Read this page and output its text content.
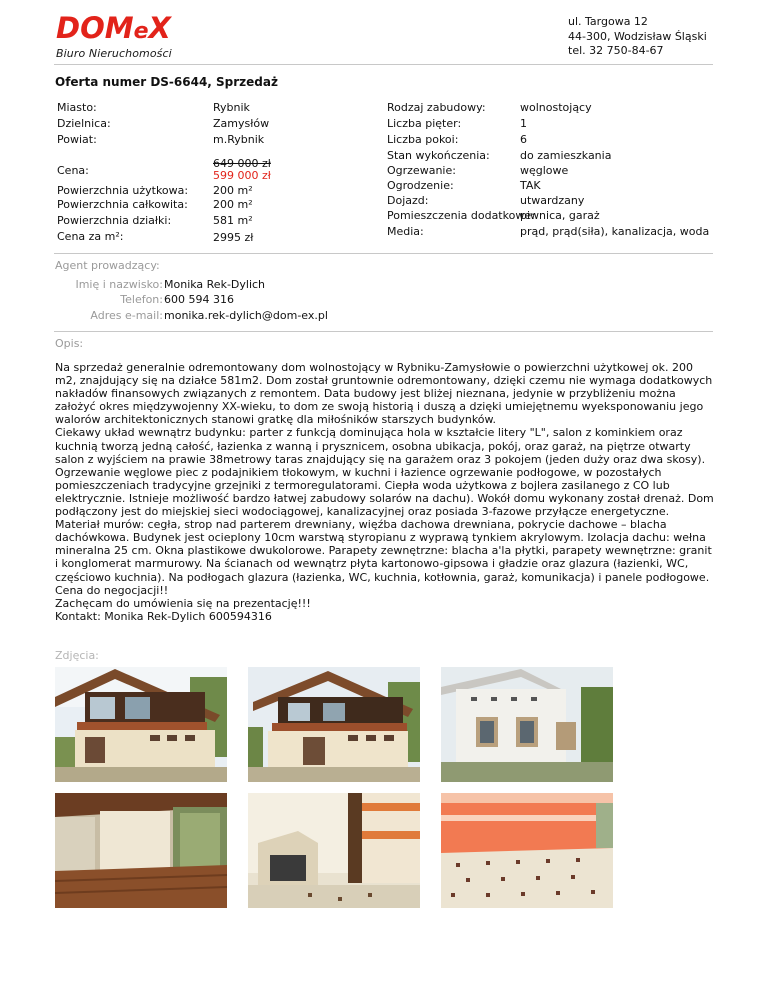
DOMeX
Biuro Nieruchomości
ul. Targowa 12
44-300, Wodzisław Śląski
tel. 32 750-84-67
Oferta numer DS-6644, Sprzedaż
Miasto:	Rybnik
Dzielnica:	Zamysłów
Powiat:	m.Rybnik
Cena:
649 000 zł
599 000 zł
Powierzchnia użytkowa: 200 m²
Powierzchnia całkowita: 200 m²
Powierzchnia działki:	581 m²
Cena za m²:	2995 zł
Rodzaj zabudowy:	wolnostojący
Liczba pięter:	1
Liczba pokoi:	6
Stan wykończenia:	do zamieszkania
Ogrzewanie:	węglowe
Ogrodzenie:	TAK
Dojazd:	utwardzany
Pomieszczenia dodatkowe:
piwnica, garaż
Media:	prąd, prąd(siła), kanalizacja, woda
Agent prowadzący:
Imię i nazwisko: Monika Rek-Dylich
Telefon: 600 594 316
Adres e-mail: monika.rek-dylich@dom-ex.pl
Opis:

Na sprzedaż generalnie odremontowany dom wolnostojący w Rybniku-Zamysłowie o powierzchni użytkowej ok. 200 m2, znajdujący się na działce 581m2. Dom został gruntownie odremontowany, dzięki czemu nie wymaga dodatkowych nakładów finansowych związanych z remontem. Data budowy jest bliżej nieznana, jedynie w przybliżeniu można założyć okres międzywojenny XX-wieku, to dom ze swoją historią i duszą a dzięki umiejętnemu wyeksponowaniu jego walorów architektonicznych stanowi gratkę dla miłośników starszych budynków.

Ciekawy układ wewnątrz budynku: parter z funkcją dominująca hola w kształcie litery "L", salon z kominkiem oraz kuchnią tworzą jedną całość, łazienka z wanną i prysznicem, osobna ubikacja, pokój, oraz garaż, na piętrze otwarty salon z wyjściem na prawie 38metrowy taras znajdujący się na garażem oraz 3 pokojem (jeden duży oraz dwa skosy). Ogrzewanie węglowe piec z podajnikiem tłokowym, w kuchni i łazience ogrzewanie podłogowe, w pozostałych pomieszczeniach tradycyjne grzejniki z termoregulatorami. Ciepła woda użytkowa z bojlera zasilanego z CO lub elektrycznie. Istnieje możliwość bardzo łatwej zabudowy solarów na dachu). Wokół domu wykonany został drenaż. Dom podłączony jest do miejskiej sieci wodociągowej, kanalizacyjnej oraz posiada 3-fazowe przyłącze energetyczne.

Materiał murów: cegła, strop nad parterem drewniany, więźba dachowa drewniana, pokrycie dachowe – blacha dachówkowa. Budynek jest ocieplony 10cm warstwą styropianu z wyprawą tynkiem akrylowym. Izolacja dachu: wełna mineralna 25 cm. Okna plastikowe dwukolorowe. Parapety zewnętrzne: blacha a'la płytki, parapety wewnętrzne: granit i konglomerat marmurowy. Na ścianach od wewnątrz płyta kartonowo-gipsowa i gładzie oraz glazura (łazienki, WC, częściowo kuchnia). Na podłogach glazura (łazienka, WC, kuchnia, kotłownia, garaż, komunikacja) i panele podłogowe.

Cena do negocjacji!!

Zachęcam do umówienia się na prezentację!!!

Kontakt: Monika Rek-Dylich 600594316

Zdjęcia:
